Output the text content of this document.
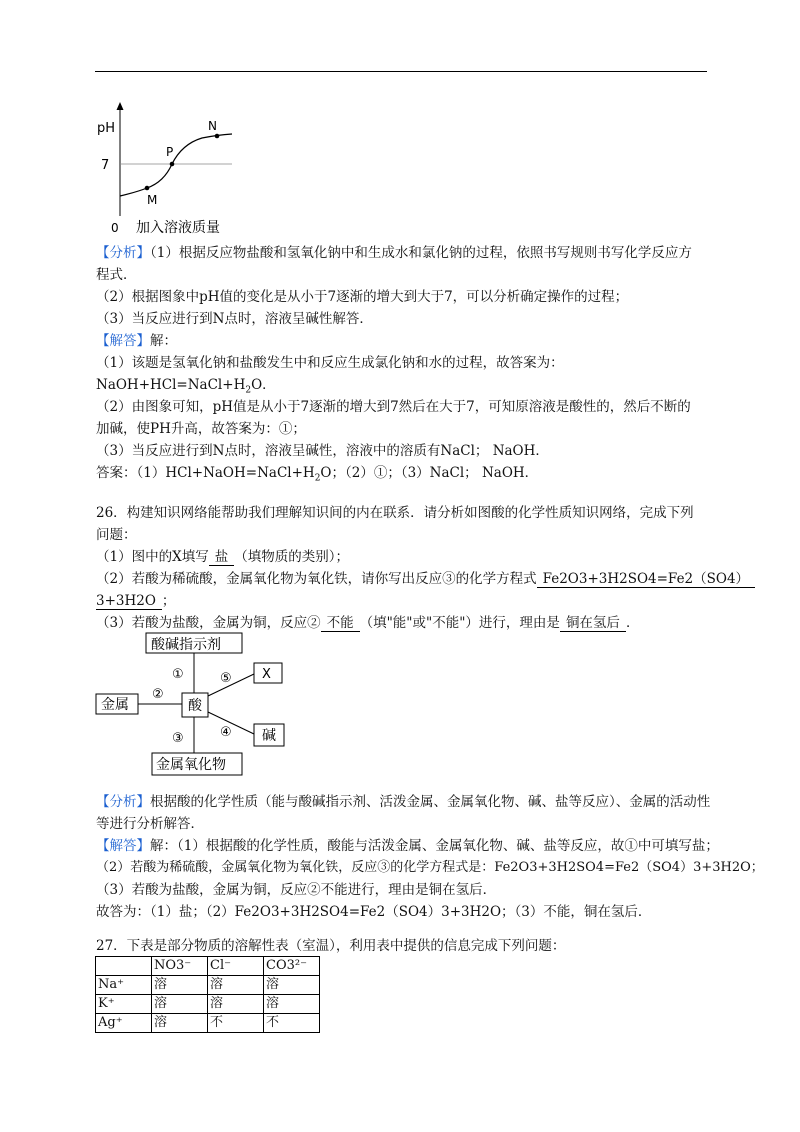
pH
7
0 加入溶液质量
M
P
N
【分析】（1）根据反应物盐酸和氢氧化钠中和生成水和氯化钠的过程，依照书写规则书写化学反应方
程式．
（2）根据图象中pH值的变化是从小于7逐渐的增大到大于7，可以分析确定操作的过程；
（3）当反应进行到N点时，溶液呈碱性解答．
【解答】解：
（1）该题是氢氧化钠和盐酸发生中和反应生成氯化钠和水的过程，故答案为：
$NaOH+HCl=NaCl+H_2O$．
（2）由图象可知，pH值是从小于7逐渐的增大到7然后在大于7，可知原溶液是酸性的，然后不断的
加碱，使PH升高，故答案为：①；
（3）当反应进行到N点时，溶液呈碱性，溶液中的溶质有NaCl； NaOH．
答案：$(1)HCl+NaOH=NaCl+H_2O$；（2）①；（3）NaCl； NaOH．
26．构建知识网络能帮助我们理解知识间的内在联系．请分析如图酸的化学性质知识网络，完成下列
问题：
（1）图中的X填写 盐 （填物质的类别）；
（2）若酸为稀硫酸，金属氧化物为氧化铁，请你写出反应③的化学方程式 Fe2O3+3H2SO4=Fe2（SO4）
3+3H2O ；
（3）若酸为盐酸，金属为铜，反应② 不能 （填"能"或"不能"）进行，理由是 铜在氢后 ．
酸碱指示剂
X
金属	酸
碱
金属氧化物
①
②
③	④
⑤
【分析】根据酸的化学性质（能与酸碱指示剂、活泼金属、金属氧化物、碱、盐等反应）、金属的活动性
等进行分析解答．
【解答】解：（1）根据酸的化学性质，酸能与活泼金属、金属氧化物、碱、盐等反应，故①中可填写盐；
（2）若酸为稀硫酸，金属氧化物为氧化铁，反应③的化学方程式是：Fe2O3+3H2SO4=Fe2（SO4）3+3H2O；
（3）若酸为盐酸，金属为铜，反应②不能进行，理由是铜在氢后．
故答为：（1）盐；（2）Fe2O3+3H2SO4=Fe2（SO4）3+3H2O；（3）不能，铜在氢后．
27．下表是部分物质的溶解性表（室温），利用表中提供的信息完成下列问题：
	NO3⁻	Cl⁻	CO3²⁻
Na⁺	溶	溶	溶
K⁺	溶	溶	溶
Ag⁺	溶	不	不
